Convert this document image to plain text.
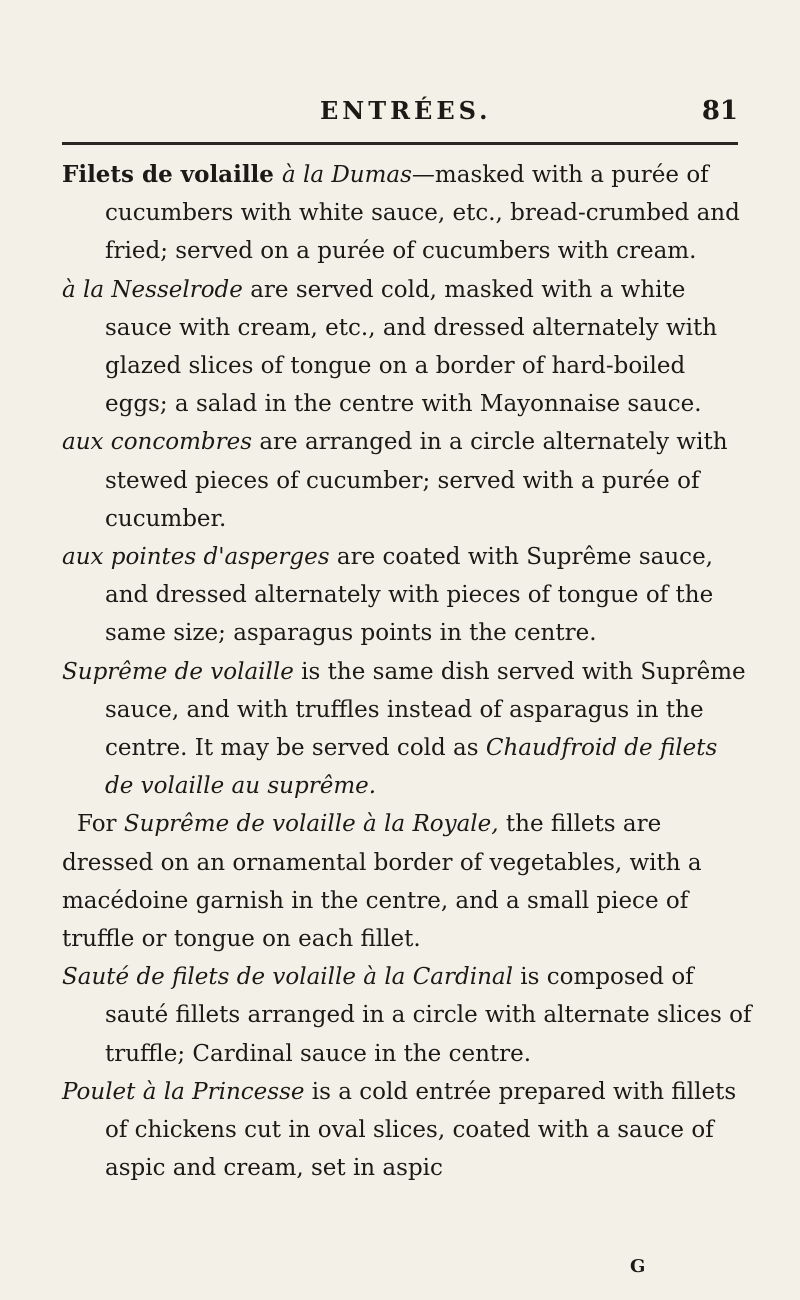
ENTRÉES.	81

Filets de volaille à la Dumas—masked with a purée of cucumbers with white sauce, etc., bread-crumbed and fried; served on a purée of cucumbers with cream.

à la Nesselrode are served cold, masked with a white sauce with cream, etc., and dressed alternately with glazed slices of tongue on a border of hard-boiled eggs; a salad in the centre with Mayonnaise sauce.

aux concombres are arranged in a circle alternately with stewed pieces of cucumber; served with a purée of cucumber.

aux pointes d'asperges are coated with Suprême sauce, and dressed alternately with pieces of tongue of the same size; asparagus points in the centre.

Suprême de volaille is the same dish served with Suprême sauce, and with truffles instead of asparagus in the centre. It may be served cold as Chaudfroid de filets de volaille au suprême.

For Suprême de volaille à la Royale, the fillets are dressed on an ornamental border of vegetables, with a macédoine garnish in the centre, and a small piece of truffle or tongue on each fillet.

Sauté de filets de volaille à la Cardinal is composed of sauté fillets arranged in a circle with alternate slices of truffle; Cardinal sauce in the centre.

Poulet à la Princesse is a cold entrée prepared with fillets of chickens cut in oval slices, coated with a sauce of aspic and cream, set in aspic

G
